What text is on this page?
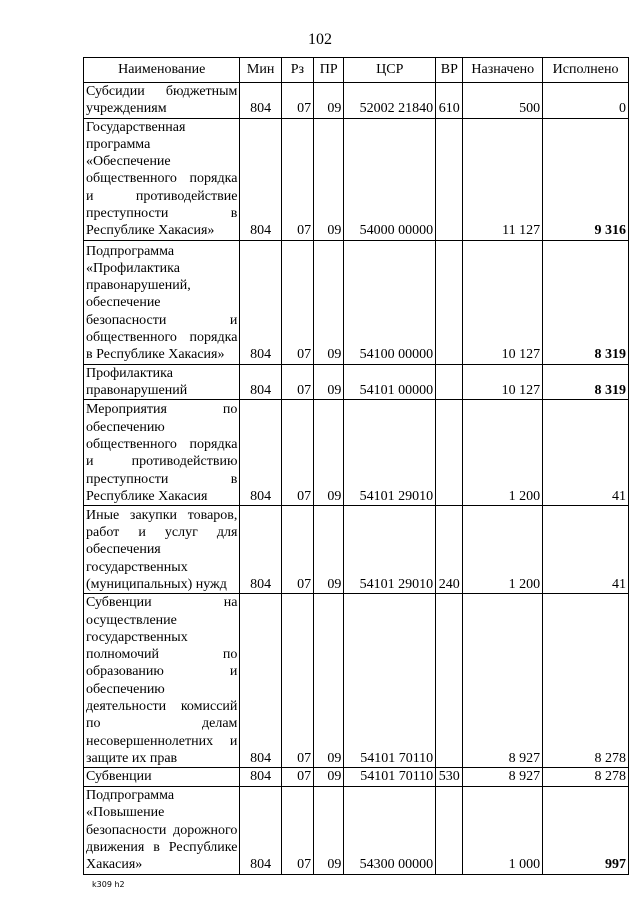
102
Наименование	Мин	Рз	ПР	ЦСР	ВР	Назначено	Исполнено
Субсидии бюджетным учреждениям	804	07	09	52002 21840	610	500	0
Государственная программа «Обеспечение общественного порядка и противодействие преступности в Республике Хакасия»	804	07	09	54000 00000		11 127	9 316
Подпрограмма «Профилактика правонарушений, обеспечение безопасности и общественного порядка в Республике Хакасия»	804	07	09	54100 00000		10 127	8 319
Профилактика правонарушений	804	07	09	54101 00000		10 127	8 319
Мероприятия по обеспечению общественного порядка и противодействию преступности в Республике Хакасия	804	07	09	54101 29010		1 200	41
Иные закупки товаров, работ и услуг для обеспечения государственных (муниципальных) нужд	804	07	09	54101 29010	240	1 200	41
Субвенции на осуществление государственных полномочий по образованию и обеспечению деятельности комиссий по делам несовершеннолетних и защите их прав	804	07	09	54101 70110		8 927	8 278
Субвенции	804	07	09	54101 70110	530	8 927	8 278
Подпрограмма «Повышение безопасности дорожного движения в Республике Хакасия»	804	07	09	54300 00000		1 000	997
k309 h2
